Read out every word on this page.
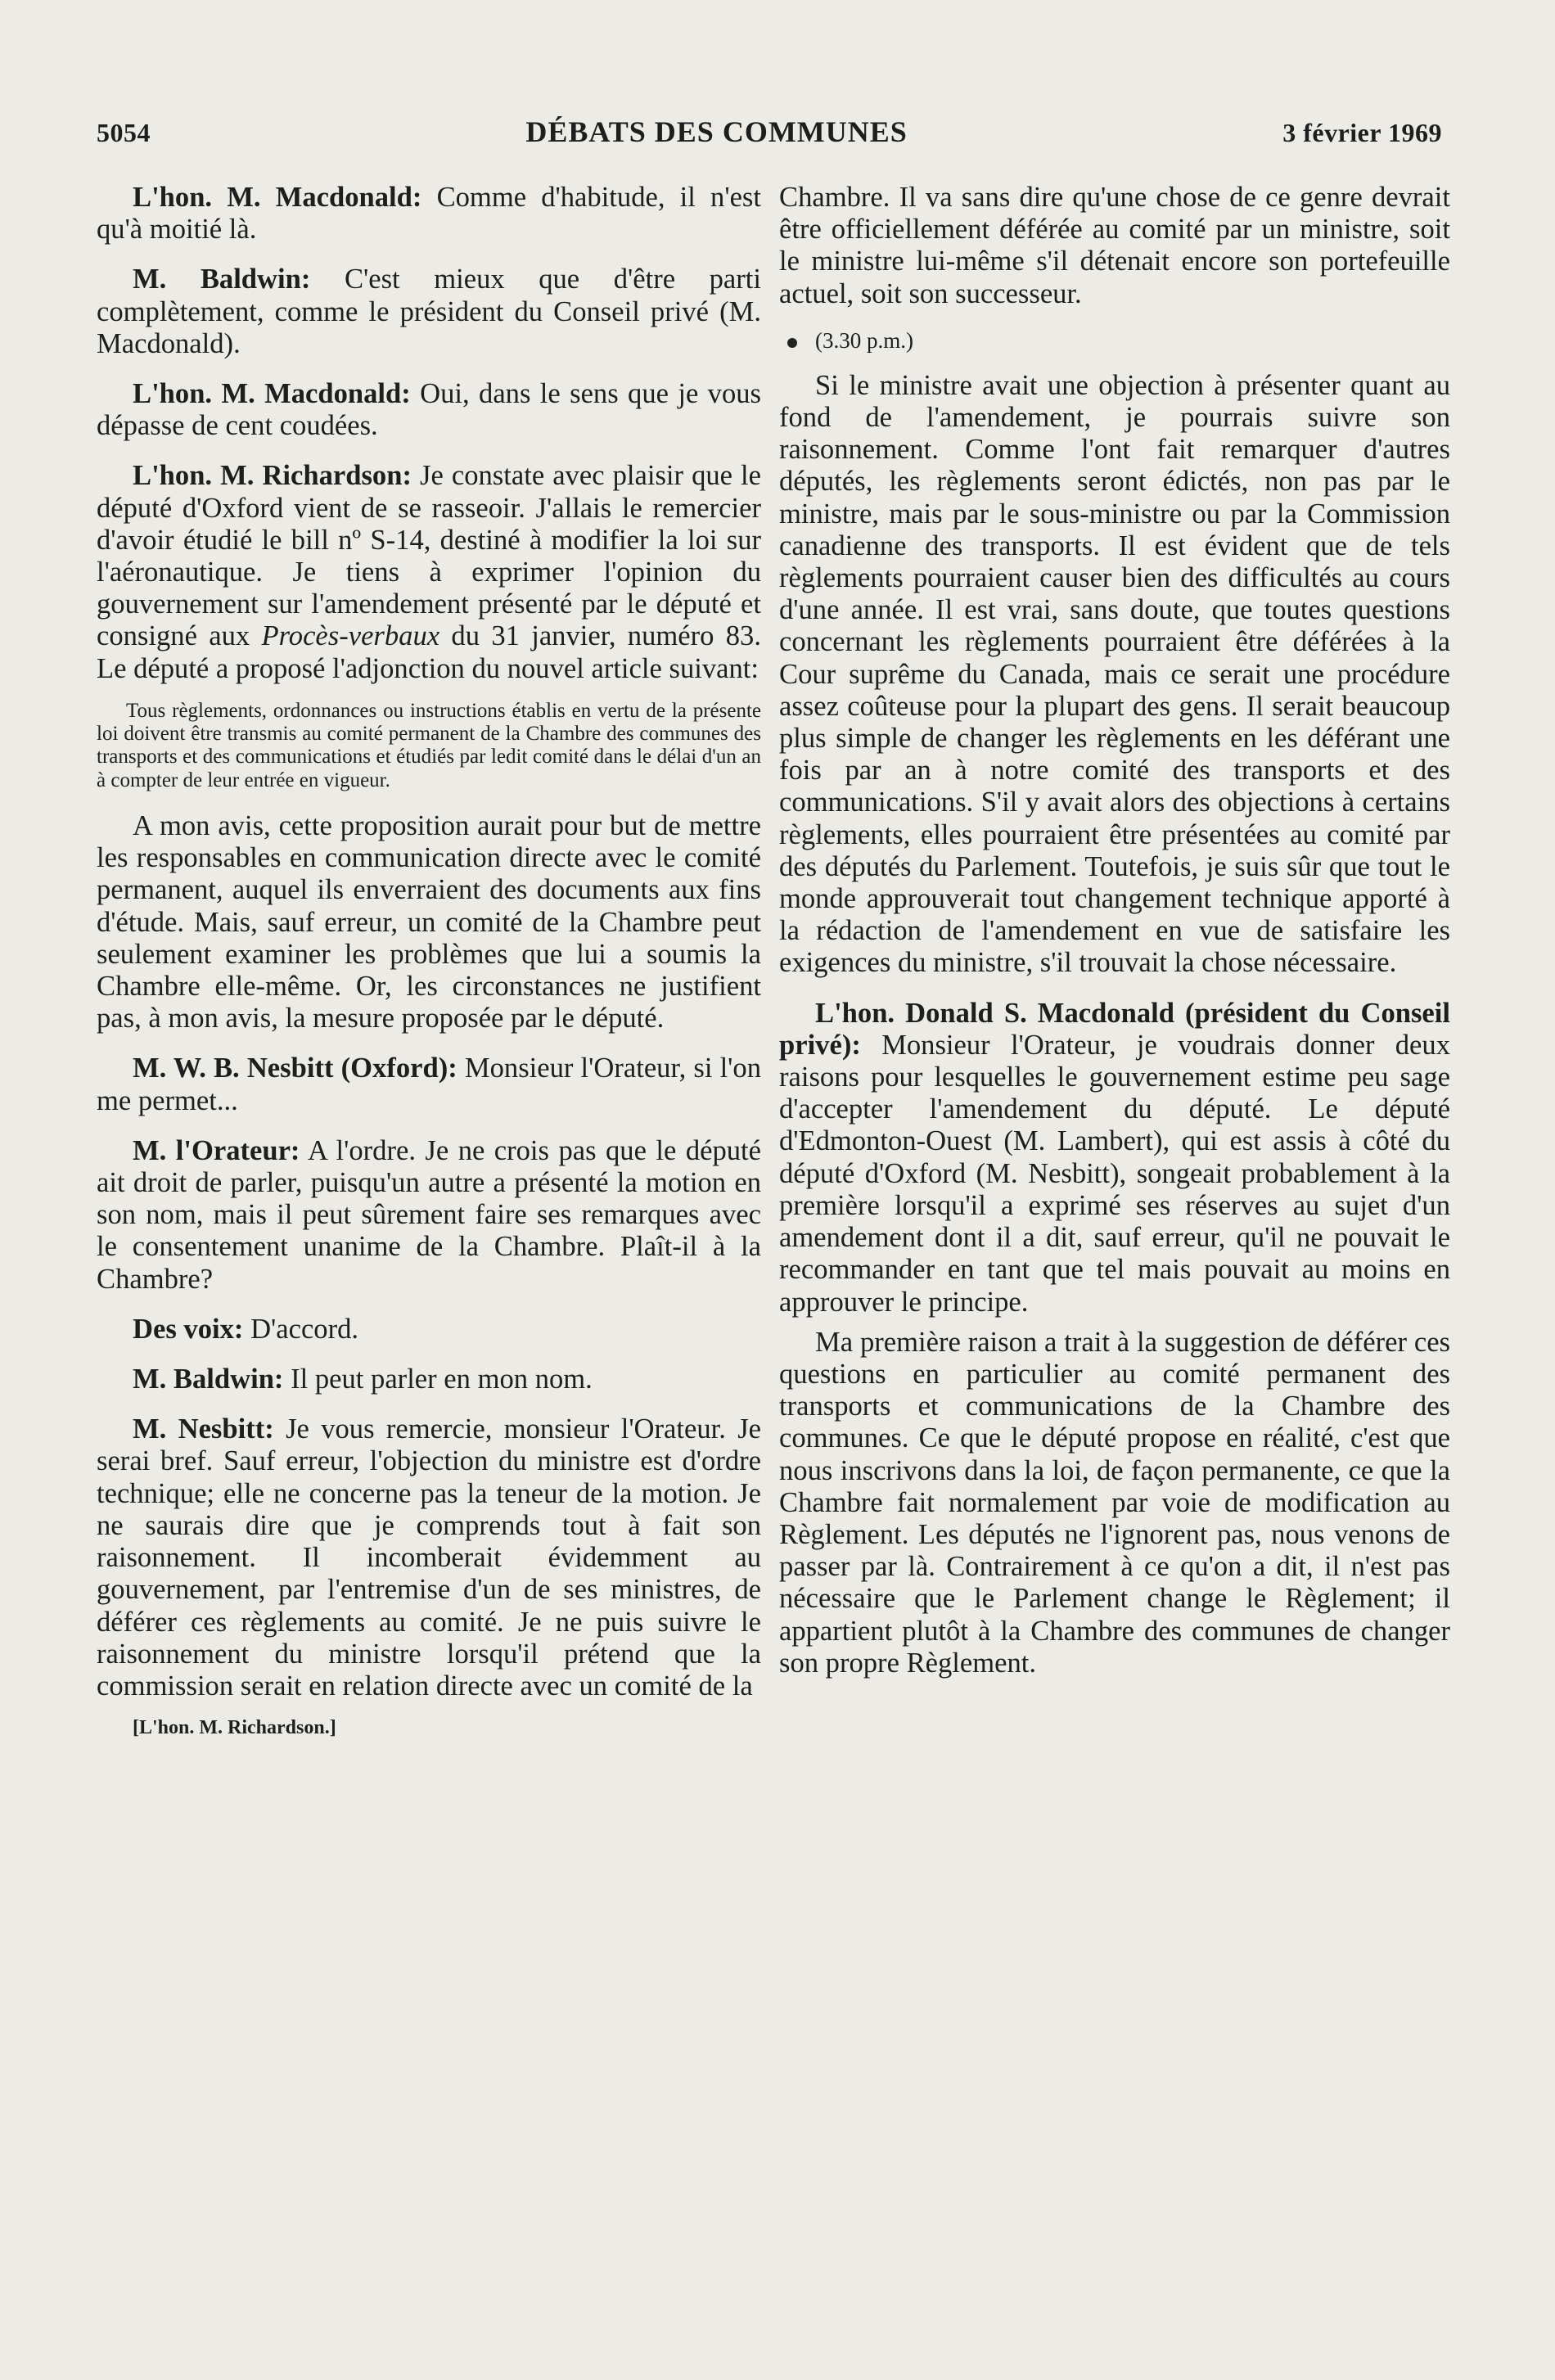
5054	DÉBATS DES COMMUNES	3 février 1969

L'hon. M. Macdonald: Comme d'habitude, il n'est qu'à moitié là.

M. Baldwin: C'est mieux que d'être parti complètement, comme le président du Conseil privé (M. Macdonald).

L'hon. M. Macdonald: Oui, dans le sens que je vous dépasse de cent coudées.

L'hon. M. Richardson: Je constate avec plaisir que le député d'Oxford vient de se rasseoir. J'allais le remercier d'avoir étudié le bill nº S-14, destiné à modifier la loi sur l'aéronautique. Je tiens à exprimer l'opinion du gouvernement sur l'amendement présenté par le député et consigné aux Procès-verbaux du 31 janvier, numéro 83. Le député a proposé l'adjonction du nouvel article suivant:

Tous règlements, ordonnances ou instructions établis en vertu de la présente loi doivent être transmis au comité permanent de la Chambre des communes des transports et des communications et étudiés par ledit comité dans le délai d'un an à compter de leur entrée en vigueur.

A mon avis, cette proposition aurait pour but de mettre les responsables en communication directe avec le comité permanent, auquel ils enverraient des documents aux fins d'étude. Mais, sauf erreur, un comité de la Chambre peut seulement examiner les problèmes que lui a soumis la Chambre elle-même. Or, les circonstances ne justifient pas, à mon avis, la mesure proposée par le député.

M. W. B. Nesbitt (Oxford): Monsieur l'Orateur, si l'on me permet...

M. l'Orateur: A l'ordre. Je ne crois pas que le député ait droit de parler, puisqu'un autre a présenté la motion en son nom, mais il peut sûrement faire ses remarques avec le consentement unanime de la Chambre. Plaît-il à la Chambre?

Des voix: D'accord.

M. Baldwin: Il peut parler en mon nom.

M. Nesbitt: Je vous remercie, monsieur l'Orateur. Je serai bref. Sauf erreur, l'objection du ministre est d'ordre technique; elle ne concerne pas la teneur de la motion. Je ne saurais dire que je comprends tout à fait son raisonnement. Il incomberait évidemment au gouvernement, par l'entremise d'un de ses ministres, de déférer ces règlements au comité. Je ne puis suivre le raisonnement du ministre lorsqu'il prétend que la commission serait en relation directe avec un comité de la

[L'hon. M. Richardson.]

Chambre. Il va sans dire qu'une chose de ce genre devrait être officiellement déférée au comité par un ministre, soit le ministre lui-même s'il détenait encore son portefeuille actuel, soit son successeur.

(3.30 p.m.)

Si le ministre avait une objection à présenter quant au fond de l'amendement, je pourrais suivre son raisonnement. Comme l'ont fait remarquer d'autres députés, les règlements seront édictés, non pas par le ministre, mais par le sous-ministre ou par la Commission canadienne des transports. Il est évident que de tels règlements pourraient causer bien des difficultés au cours d'une année. Il est vrai, sans doute, que toutes questions concernant les règlements pourraient être déférées à la Cour suprême du Canada, mais ce serait une procédure assez coûteuse pour la plupart des gens. Il serait beaucoup plus simple de changer les règlements en les déférant une fois par an à notre comité des transports et des communications. S'il y avait alors des objections à certains règlements, elles pourraient être présentées au comité par des députés du Parlement. Toutefois, je suis sûr que tout le monde approuverait tout changement technique apporté à la rédaction de l'amendement en vue de satisfaire les exigences du ministre, s'il trouvait la chose nécessaire.

L'hon. Donald S. Macdonald (président du Conseil privé): Monsieur l'Orateur, je voudrais donner deux raisons pour lesquelles le gouvernement estime peu sage d'accepter l'amendement du député. Le député d'Edmonton-Ouest (M. Lambert), qui est assis à côté du député d'Oxford (M. Nesbitt), songeait probablement à la première lorsqu'il a exprimé ses réserves au sujet d'un amendement dont il a dit, sauf erreur, qu'il ne pouvait le recommander en tant que tel mais pouvait au moins en approuver le principe.

Ma première raison a trait à la suggestion de déférer ces questions en particulier au comité permanent des transports et communications de la Chambre des communes. Ce que le député propose en réalité, c'est que nous inscrivons dans la loi, de façon permanente, ce que la Chambre fait normalement par voie de modification au Règlement. Les députés ne l'ignorent pas, nous venons de passer par là. Contrairement à ce qu'on a dit, il n'est pas nécessaire que le Parlement change le Règlement; il appartient plutôt à la Chambre des communes de changer son propre Règlement.
